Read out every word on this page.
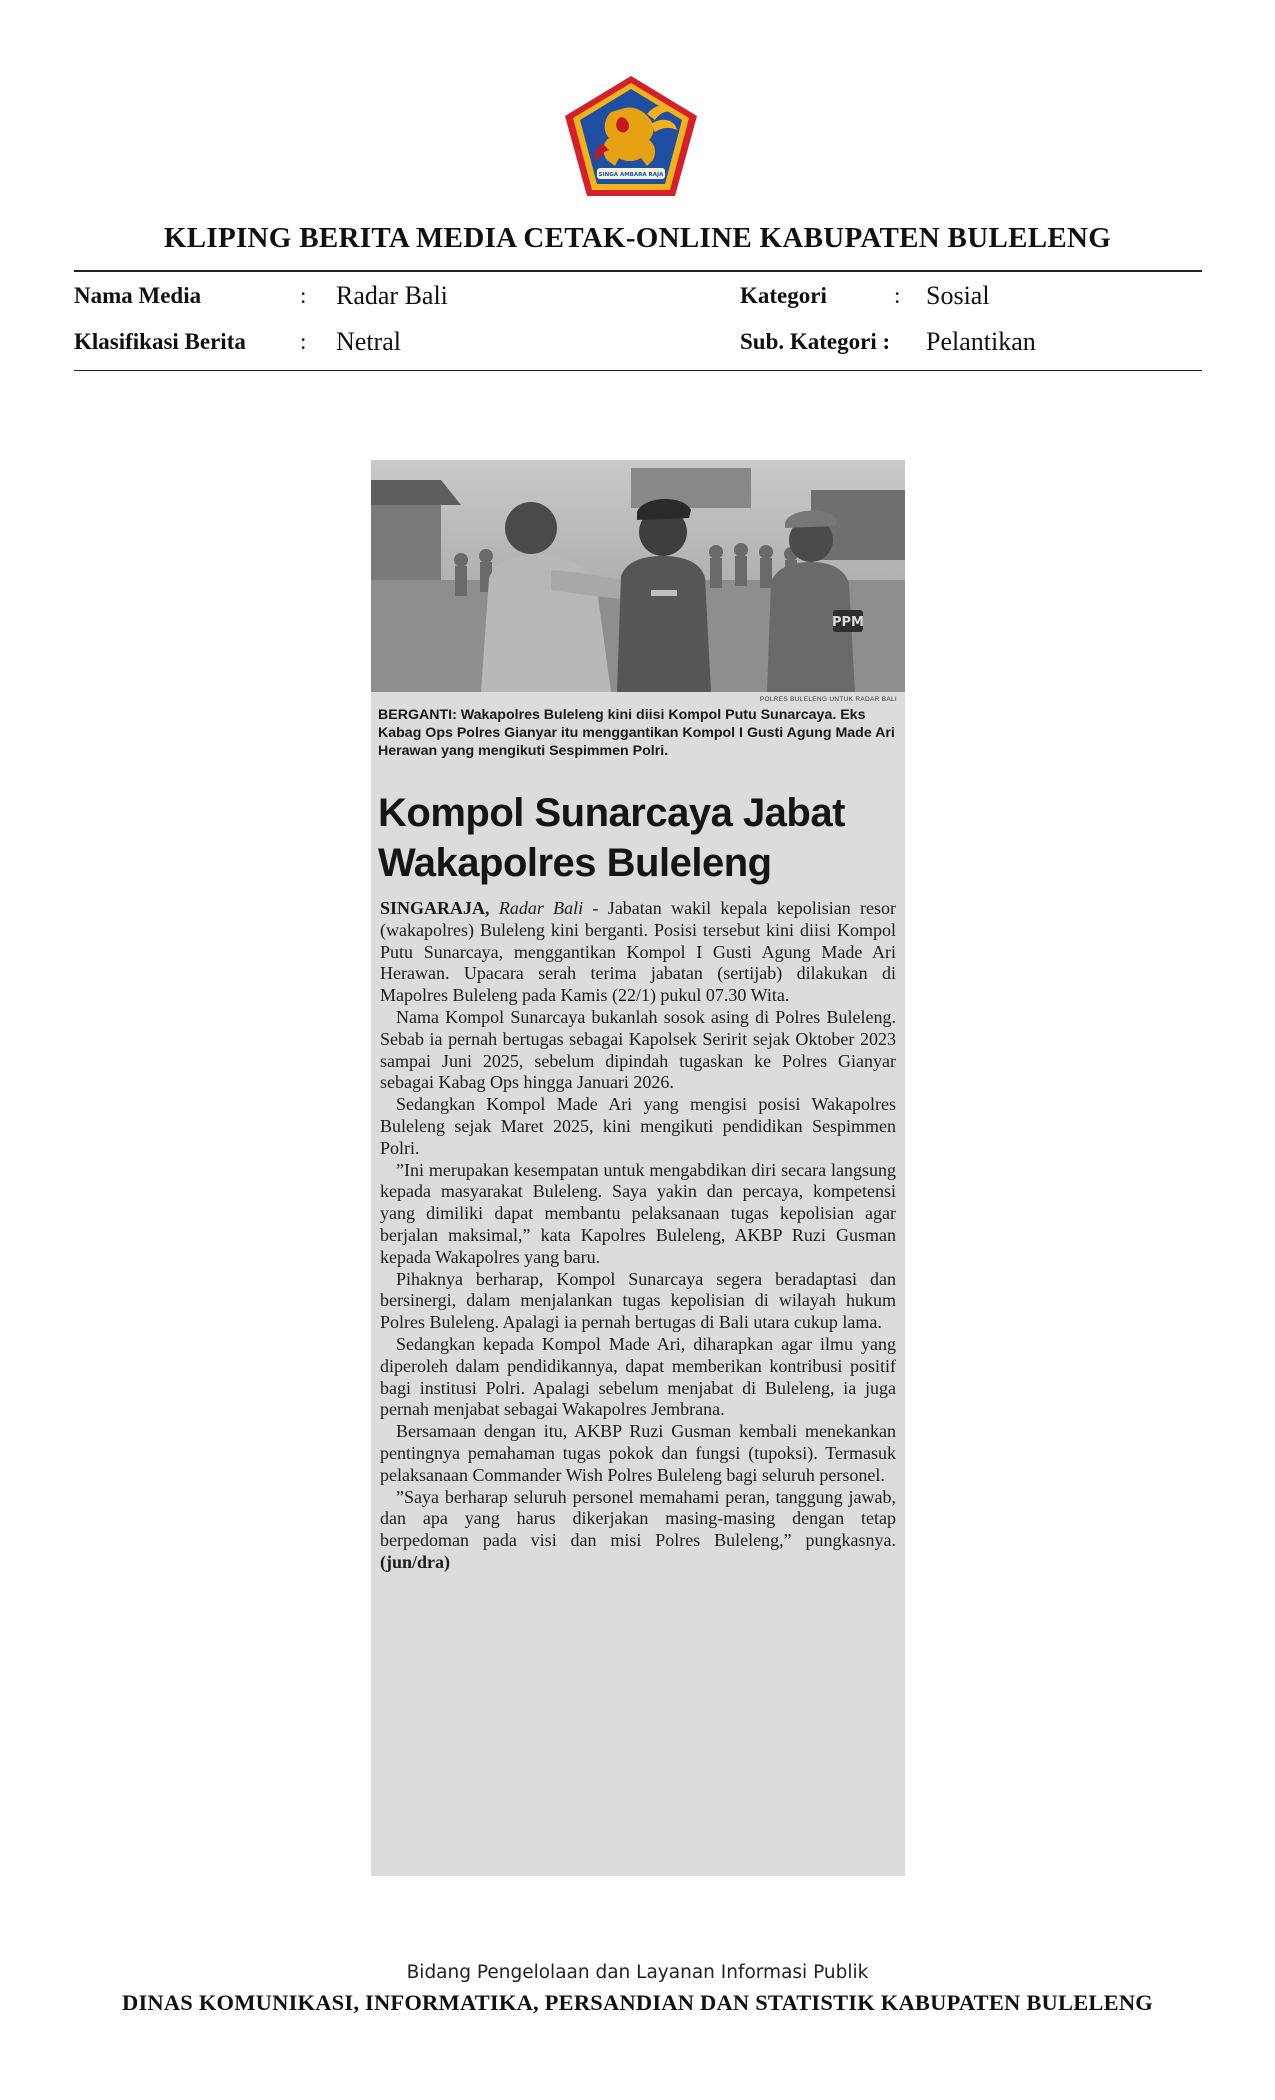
SINGA AMBARA RAJA
KLIPING BERITA MEDIA CETAK-ONLINE KABUPATEN BULELENG
Nama Media	: Radar Bali	Kategori	: Sosial
Klasifikasi Berita : Netral	Sub. Kategori : Pelantikan
PPM
POLRES BULELENG UNTUK RADAR BALI
BERGANTI: Wakapolres Buleleng kini diisi Kompol Putu Sunarcaya. Eks Kabag Ops Polres Gianyar itu menggantikan Kompol I Gusti Agung Made Ari Herawan yang mengikuti Sespimmen Polri.
Kompol Sunarcaya Jabat Wakapolres Buleleng

SINGARAJA, Radar Bali - Jabatan wakil kepala kepolisian resor (wakapolres) Buleleng kini berganti. Posisi tersebut kini diisi Kompol Putu Sunarcaya, menggantikan Kompol I Gusti Agung Made Ari Herawan. Upacara serah terima jabatan (sertijab) dilakukan di Mapolres Buleleng pada Kamis (22/1) pukul 07.30 Wita.

Nama Kompol Sunarcaya bukanlah sosok asing di Polres Buleleng. Sebab ia pernah bertugas sebagai Kapolsek Seririt sejak Oktober 2023 sampai Juni 2025, sebelum dipindah tugaskan ke Polres Gianyar sebagai Kabag Ops hingga Januari 2026.

Sedangkan Kompol Made Ari yang mengisi posisi Wakapolres Buleleng sejak Maret 2025, kini mengikuti pendidikan Sespimmen Polri.

”Ini merupakan kesempatan untuk mengabdikan diri secara langsung kepada masyarakat Buleleng. Saya yakin dan percaya, kompetensi yang dimiliki dapat membantu pelaksanaan tugas kepolisian agar berjalan maksimal,” kata Kapolres Buleleng, AKBP Ruzi Gusman kepada Wakapolres yang baru.

Pihaknya berharap, Kompol Sunarcaya segera beradaptasi dan bersinergi, dalam menjalankan tugas kepolisian di wilayah hukum Polres Buleleng. Apalagi ia pernah bertugas di Bali utara cukup lama.

Sedangkan kepada Kompol Made Ari, diharapkan agar ilmu yang diperoleh dalam pendidikannya, dapat memberikan kontribusi positif bagi institusi Polri. Apalagi sebelum menjabat di Buleleng, ia juga pernah menjabat sebagai Wakapolres Jembrana.

Bersamaan dengan itu, AKBP Ruzi Gusman kembali menekankan pentingnya pemahaman tugas pokok dan fungsi (tupoksi). Termasuk pelaksanaan Commander Wish Polres Buleleng bagi seluruh personel.

”Saya berharap seluruh personel memahami peran, tanggung jawab, dan apa yang harus dikerjakan masing-masing dengan tetap berpedoman pada visi dan misi Polres Buleleng,” pungkasnya. (jun/dra)

Bidang Pengelolaan dan Layanan Informasi Publik
DINAS KOMUNIKASI, INFORMATIKA, PERSANDIAN DAN STATISTIK KABUPATEN BULELENG
